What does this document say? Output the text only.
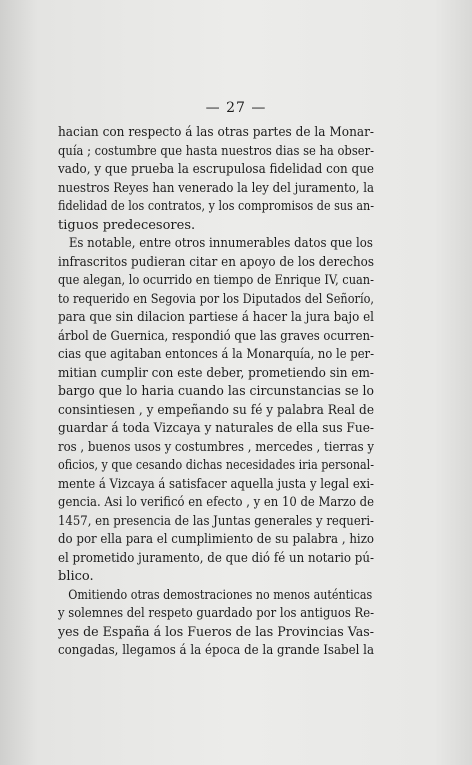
— 27 —
hacian con respecto á las otras partes de la Monar-
quía ; costumbre que hasta nuestros dias se ha obser-
vado, y que prueba la escrupulosa fidelidad con que
nuestros Reyes han venerado la ley del juramento, la
fidelidad de los contratos, y los compromisos de sus an-
tiguos predecesores.
Es notable, entre otros innumerables datos que los
infrascritos pudieran citar en apoyo de los derechos
que alegan, lo ocurrido en tiempo de Enrique IV, cuan-
to requerido en Segovia por los Diputados del Señorío,
para que sin dilacion partiese á hacer la jura bajo el
árbol de Guernica, respondió que las graves ocurren-
cias que agitaban entonces á la Monarquía, no le per-
mitian cumplir con este deber, prometiendo sin em-
bargo que lo haria cuando las circunstancias se lo
consintiesen , y empeñando su fé y palabra Real de
guardar á toda Vizcaya y naturales de ella sus Fue-
ros , buenos usos y costumbres , mercedes , tierras y
oficios, y que cesando dichas necesidades iria personal-
mente á Vizcaya á satisfacer aquella justa y legal exi-
gencia. Asi lo verificó en efecto , y en 10 de Marzo de
1457, en presencia de las Juntas generales y requeri-
do por ella para el cumplimiento de su palabra , hizo
el prometido juramento, de que dió fé un notario pú-
blico.
Omitiendo otras demostraciones no menos auténticas
y solemnes del respeto guardado por los antiguos Re-
yes de España á los Fueros de las Provincias Vas-
congadas, llegamos á la época de la grande Isabel la
